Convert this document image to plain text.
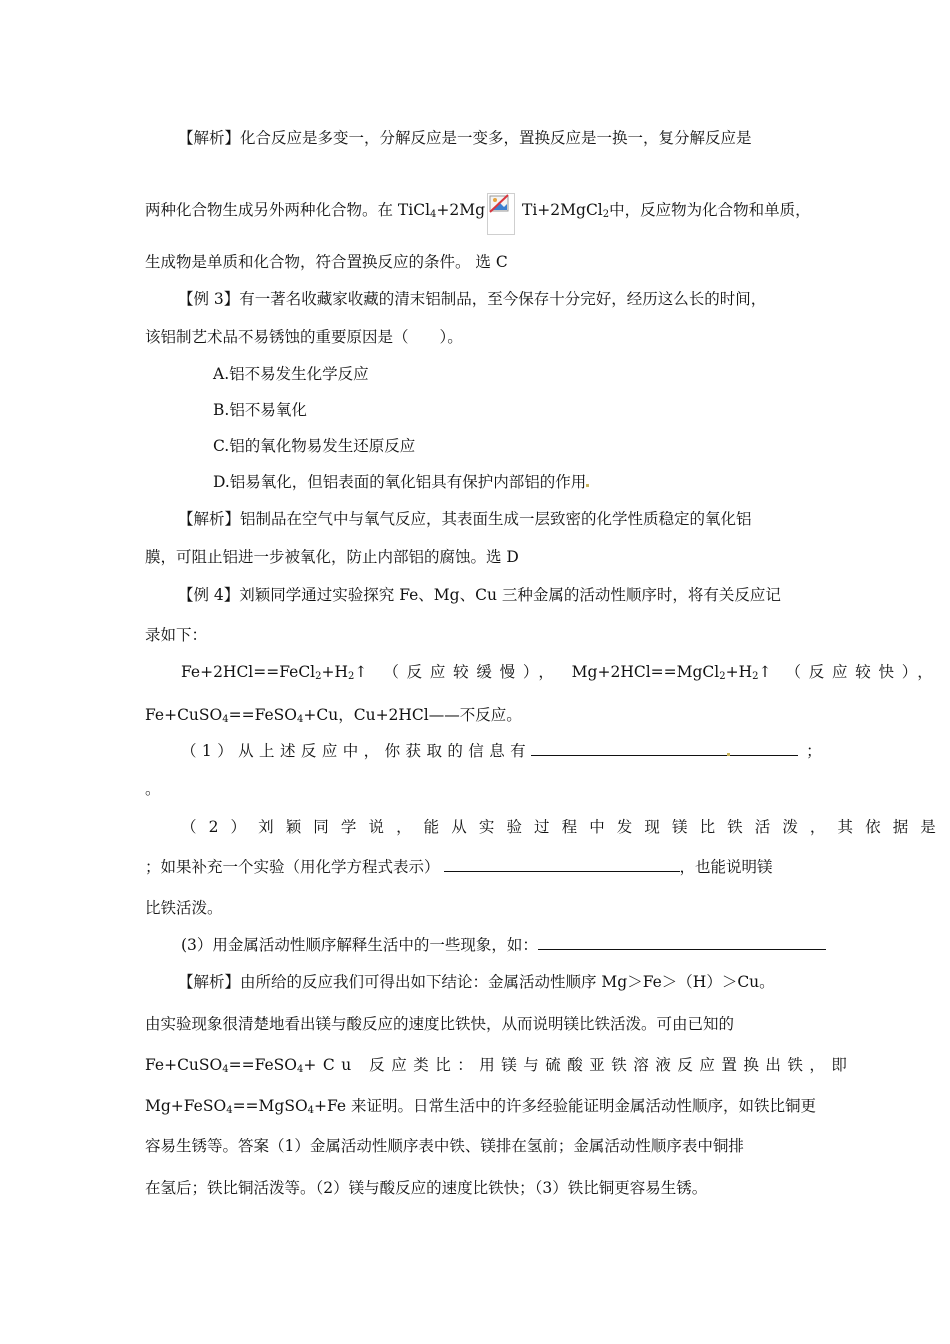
【解析】化合反应是多变一，分解反应是一变多，置换反应是一换一，复分解反应是
两种化合物生成另外两种化合物。在 TiCl$_4$+2Mg
Ti+2MgCl$_2$中，反应物为化合物和单质，
生成物是单质和化合物，符合置换反应的条件。 选 C
【例 3】有一著名收藏家收藏的清末铝制品，至今保存十分完好，经历这么长的时间，
该铝制艺术品不易锈蚀的重要原因是（　　）。
A.铝不易发生化学反应
B.铝不易氧化
C.铝的氧化物易发生还原反应
D.铝易氧化，但铝表面的氧化铝具有保护内部铝的作用
【解析】铝制品在空气中与氧气反应，其表面生成一层致密的化学性质稳定的氧化铝
膜，可阻止铝进一步被氧化，防止内部铝的腐蚀。选 D
【例 4】刘颖同学通过实验探究 Fe、Mg、Cu 三种金属的活动性顺序时，将有关反应记
录如下：
$Fe+2HCl==FeCl_2+H_2↑$ （反应较缓慢）， $Mg+2HCl==MgCl_2+H_2↑$ （反应较快），
Fe+CuSO$_4$==FeSO$_4$+Cu，Cu+2HCl——不反应。
（1）从上述反应中，你获取的信息有	；
。
（2）刘颖同学说，能从实验过程中发现镁比铁活泼，其依据是
；如果补充一个实验（用化学方程式表示）	，也能说明镁
比铁活泼。
(3）用金属活动性顺序解释生活中的一些现象，如：
【解析】由所给的反应我们可得出如下结论：金属活动性顺序 Mg＞Fe＞（H）＞Cu。
由实验现象很清楚地看出镁与酸反应的速度比铁快，从而说明镁比铁活泼。可由已知的
Fe+CuSO$_4$==FeSO$_4$+Cu 反应类比：用镁与硫酸亚铁溶液反应置换出铁，即
Mg+FeSO$_4$==MgSO$_4$+Fe 来证明。日常生活中的许多经验能证明金属活动性顺序，如铁比铜更
容易生锈等。答案（1）金属活动性顺序表中铁、镁排在氢前；金属活动性顺序表中铜排
在氢后；铁比铜活泼等。（2）镁与酸反应的速度比铁快；（3）铁比铜更容易生锈。
